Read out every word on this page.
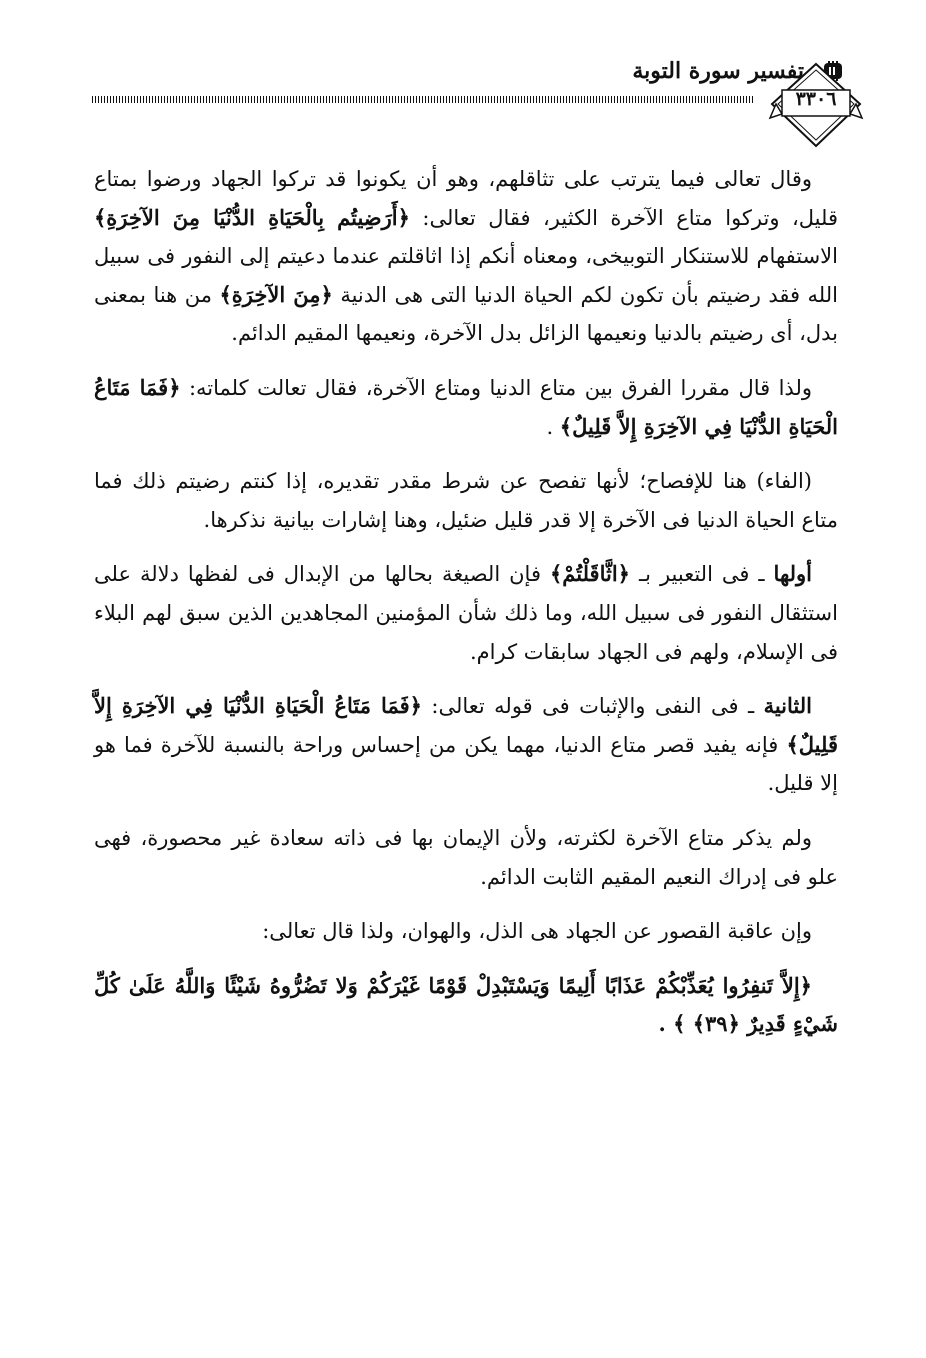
تفسير سورة التوبة
٣٣٠٦

وقال تعالى فيما يترتب على تثاقلهم، وهو أن يكونوا قد تركوا الجهاد ورضوا بمتاع قليل، وتركوا متاع الآخرة الكثير، فقال تعالى: ﴿أَرَضِيتُم بِالْحَيَاةِ الدُّنْيَا مِنَ الآخِرَةِ﴾ الاستفهام للاستنكار التوبيخى، ومعناه أنكم إذا اثاقلتم عندما دعيتم إلى النفور فى سبيل الله فقد رضيتم بأن تكون لكم الحياة الدنيا التى هى الدنية ﴿مِنَ الآخِرَةِ﴾ من هنا بمعنى بدل، أى رضيتم بالدنيا ونعيمها الزائل بدل الآخرة، ونعيمها المقيم الدائم.

ولذا قال مقررا الفرق بين متاع الدنيا ومتاع الآخرة، فقال تعالت كلماته: ﴿فَمَا مَتَاعُ الْحَيَاةِ الدُّنْيَا فِي الآخِرَةِ إِلاَّ قَلِيلٌ﴾ .

(الفاء) هنا للإفصاح؛ لأنها تفصح عن شرط مقدر تقديره، إذا كنتم رضيتم ذلك فما متاع الحياة الدنيا فى الآخرة إلا قدر قليل ضئيل، وهنا إشارات بيانية نذكرها.

أولها ـ فى التعبير بـ ﴿اثَّاقَلْتُمْ﴾ فإن الصيغة بحالها من الإبدال فى لفظها دلالة على استثقال النفور فى سبيل الله، وما ذلك شأن المؤمنين المجاهدين الذين سبق لهم البلاء فى الإسلام، ولهم فى الجهاد سابقات كرام.

الثانية ـ فى النفى والإثبات فى قوله تعالى: ﴿فَمَا مَتَاعُ الْحَيَاةِ الدُّنْيَا فِي الآخِرَةِ إِلاَّ قَلِيلٌ﴾ فإنه يفيد قصر متاع الدنيا، مهما يكن من إحساس وراحة بالنسبة للآخرة فما هو إلا قليل.

ولم يذكر متاع الآخرة لكثرته، ولأن الإيمان بها فى ذاته سعادة غير محصورة، فهى علو فى إدراك النعيم المقيم الثابت الدائم.

وإن عاقبة القصور عن الجهاد هى الذل، والهوان، ولذا قال تعالى:

﴿إِلاَّ تَنفِرُوا يُعَذِّبْكُمْ عَذَابًا أَلِيمًا وَيَسْتَبْدِلْ قَوْمًا غَيْرَكُمْ وَلا تَضُرُّوهُ شَيْئًا وَاللَّهُ عَلَىٰ كُلِّ شَيْءٍ قَدِيرٌ ﴿٣٩﴾ ﴾ .
